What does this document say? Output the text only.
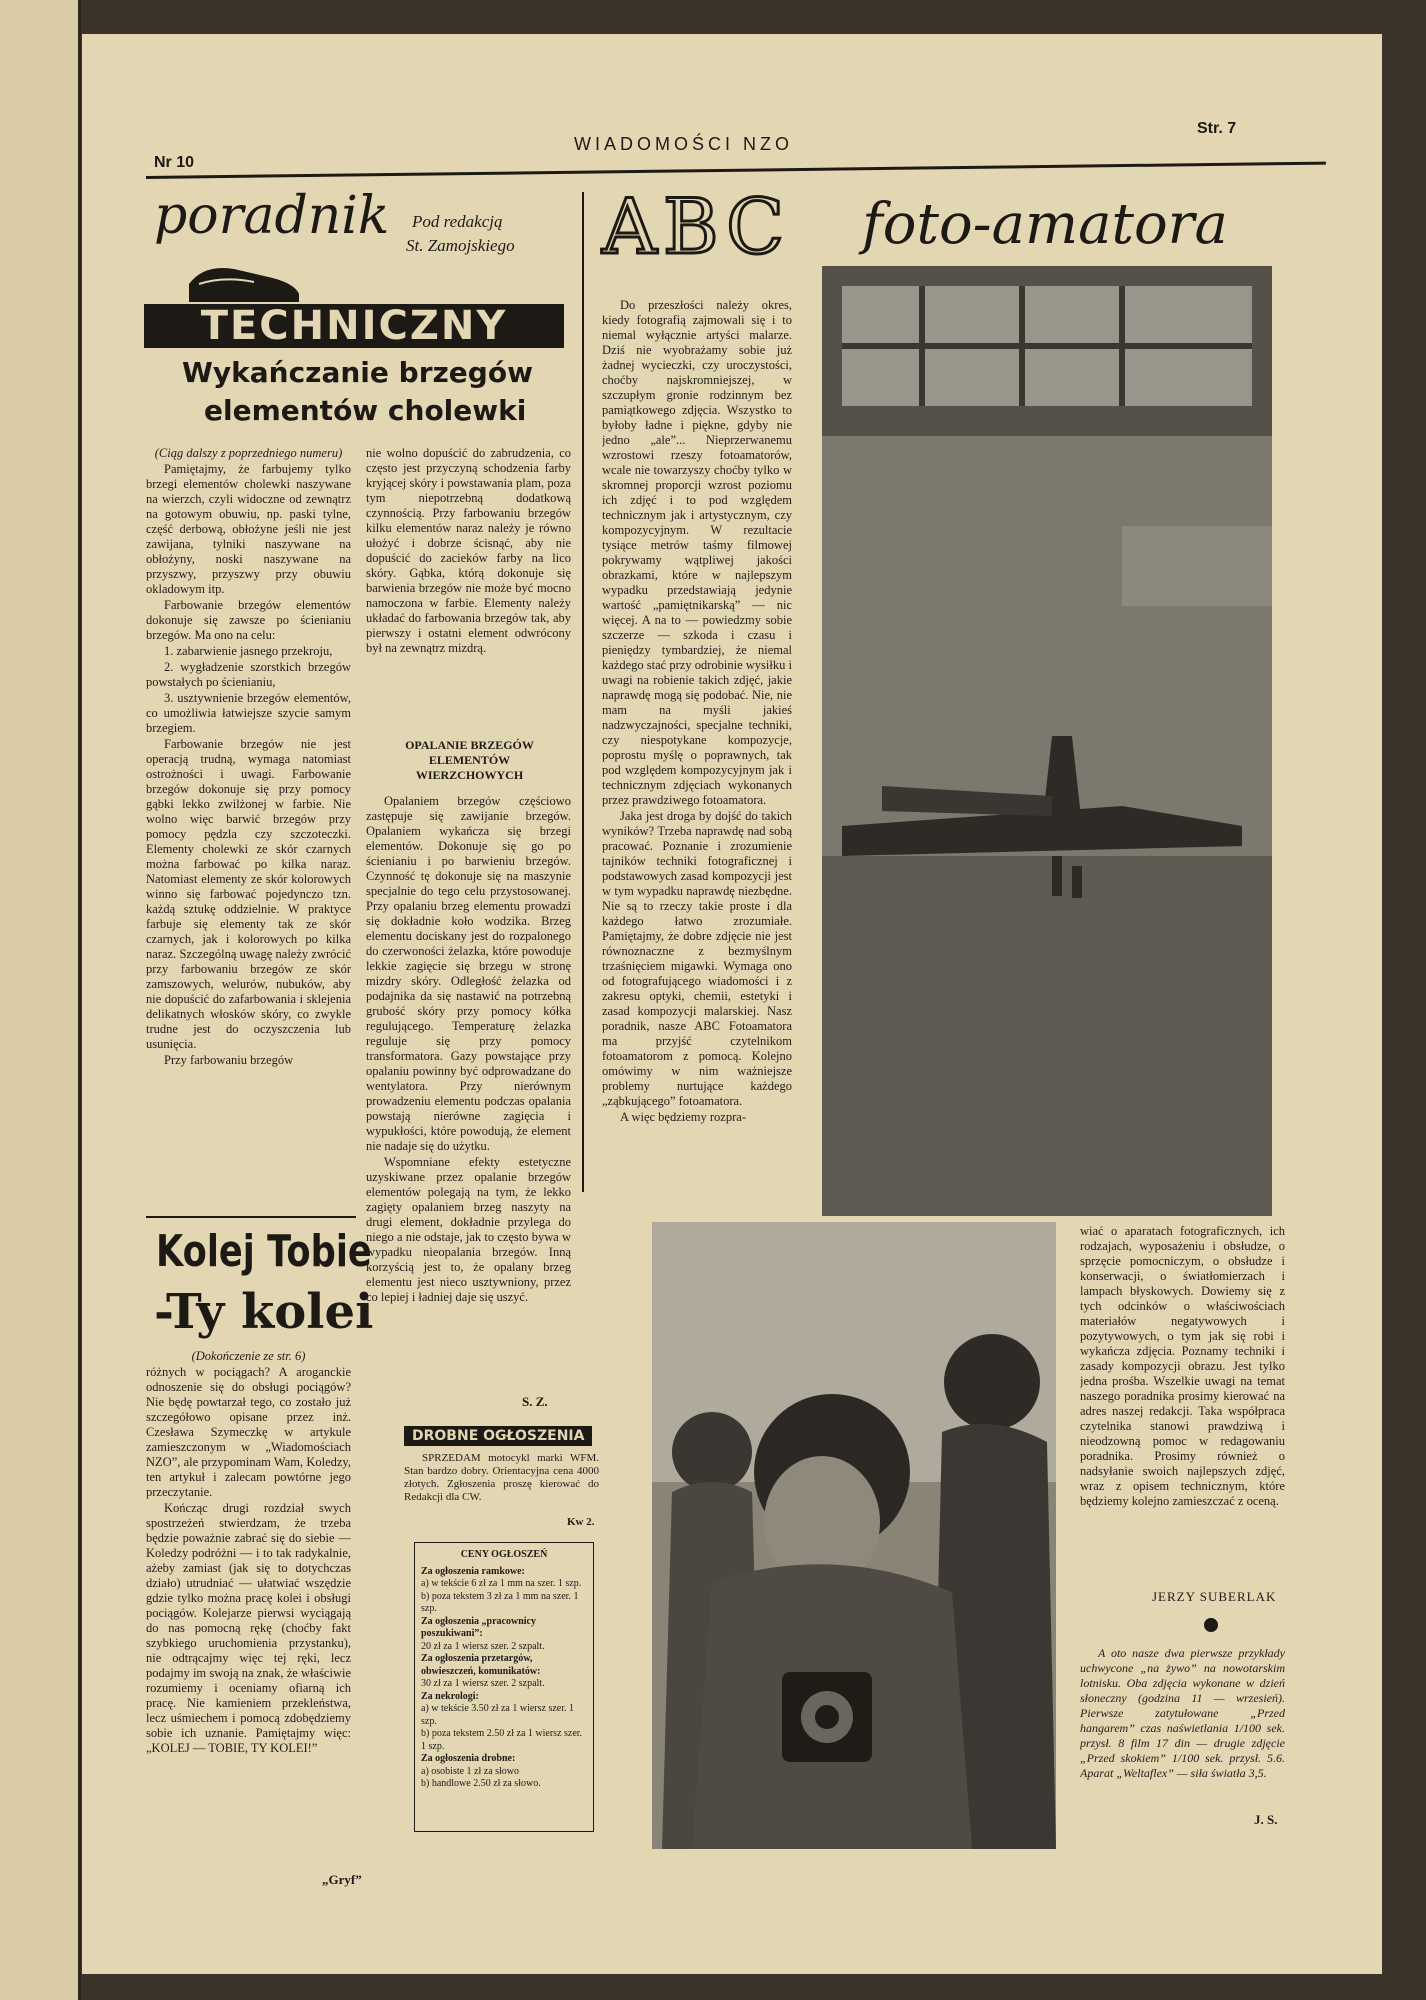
WIADOMOŚCI NZO
Nr 10
Str. 7
poradnik
TECHNICZNY
Pod redakcją
St. Zamojskiego
Wykańczanie brzegów
elementów cholewki

(Ciąg dalszy z poprzedniego numeru)

Pamiętajmy, że farbujemy tylko brzegi elementów cholewki naszywane na wierzch, czyli widoczne od zewnątrz na gotowym obuwiu, np. paski tylne, część derbową, obłożyne jeśli nie jest zawijana, tylniki naszywane na obłożyny, noski naszywane na przyszwy, przyszwy przy obuwiu okladowym itp.

Farbowanie brzegów elementów dokonuje się zawsze po ścienianiu brzegów. Ma ono na celu:

1. zabarwienie jasnego przekroju,

2. wygładzenie szorstkich brzegów powstałych po ścienianiu,

3. usztywnienie brzegów elementów, co umożliwia łatwiejsze szycie samym brzegiem.

Farbowanie brzegów nie jest operacją trudną, wymaga natomiast ostrożności i uwagi. Farbowanie brzegów dokonuje się przy pomocy gąbki lekko zwilżonej w farbie. Nie wolno więc barwić brzegów przy pomocy pędzla czy szczoteczki. Elementy cholewki ze skór czarnych można farbować po kilka naraz. Natomiast elementy ze skór kolorowych winno się farbować pojedynczo tzn. każdą sztukę oddzielnie. W praktyce farbuje się elementy tak ze skór czarnych, jak i kolorowych po kilka naraz. Szczególną uwagę należy zwrócić przy farbowaniu brzegów ze skór zamszowych, welurów, nubuków, aby nie dopuścić do zafarbowania i sklejenia delikatnych włosków skóry, co zwykle trudne jest do oczyszczenia lub usunięcia.

Przy farbowaniu brzegów

nie wolno dopuścić do zabrudzenia, co często jest przyczyną schodzenia farby kryjącej skóry i powstawania plam, poza tym niepotrzebną dodatkową czynnością. Przy farbowaniu brzegów kilku elementów naraz należy je równo ułożyć i dobrze ścisnąć, aby nie dopuścić do zacieków farby na lico skóry. Gąbka, którą dokonuje się barwienia brzegów nie może być mocno namoczona w farbie. Elementy należy układać do farbowania brzegów tak, aby pierwszy i ostatni element odwrócony był na zewnątrz mizdrą.

OPALANIE BRZEGÓW ELEMENTÓW WIERZCHOWYCH

Opalaniem brzegów częściowo zastępuje się zawijanie brzegów. Opalaniem wykańcza się brzegi elementów. Dokonuje się go po ścienianiu i po barwieniu brzegów. Czynność tę dokonuje się na maszynie specjalnie do tego celu przystosowanej. Przy opalaniu brzeg elementu prowadzi się dokładnie koło wodzika. Brzeg elementu dociskany jest do rozpalonego do czerwoności żelazka, które powoduje lekkie zagięcie się brzegu w stronę mizdry skóry. Odległość żelazka od podajnika da się nastawić na potrzebną grubość skóry przy pomocy kółka regulującego. Temperaturę żelazka reguluje się przy pomocy transformatora. Gazy powstające przy opalaniu powinny być odprowadzane do wentylatora. Przy nierównym prowadzeniu elementu podczas opalania powstają nierówne zagięcia i wypukłości, które powodują, że element nie nadaje się do użytku.

Wspomniane efekty estetyczne uzyskiwane przez opalanie brzegów elementów polegają na tym, że lekko zagięty opalaniem brzeg naszyty na drugi element, dokładnie przylega do niego a nie odstaje, jak to często bywa w wypadku nieopalania brzegów. Inną korzyścią jest to, że opalany brzeg elementu jest nieco usztywniony, przez co lepiej i ładniej daje się uszyć.

S. Z.
Kolej Tobie
-Ty kolei

(Dokończenie ze str. 6)

różnych w pociągach? A aroganckie odnoszenie się do obsługi pociągów? Nie będę powtarzał tego, co zostało już szczegółowo opisane przez inż. Czesława Szymeczkę w artykule zamieszczonym w „Wiadomościach NZO”, ale przypominam Wam, Koledzy, ten artykuł i zalecam powtórne jego przeczytanie.

Kończąc drugi rozdział swych spostrzeżeń stwierdzam, że trzeba będzie poważnie zabrać się do siebie — Koledzy podróżni — i to tak radykalnie, ażeby zamiast (jak się to dotychczas działo) utrudniać — ułatwiać wszędzie gdzie tylko można pracę kolei i obsługi pociągów. Kolejarze pierwsi wyciągają do nas pomocną rękę (choćby fakt szybkiego uruchomienia przystanku), nie odtrącajmy więc tej ręki, lecz podajmy im swoją na znak, że właściwie rozumiemy i oceniamy ofiarną ich pracę. Nie kamieniem przekleństwa, lecz uśmiechem i pomocą zdobędziemy sobie ich uznanie. Pamiętajmy więc: „KOLEJ — TOBIE, TY KOLEI!”

„Gryf”
DROBNE OGŁOSZENIA

SPRZEDAM motocykl marki WFM. Stan bardzo dobry. Orientacyjna cena 4000 złotych. Zgłoszenia proszę kierować do Redakcji dla CW.

Kw 2.
CENY OGŁOSZEŃ
Za ogłoszenia ramkowe:
a) w tekście 6 zł za 1 mm na szer. 1 szp.
b) poza tekstem 3 zł za 1 mm na szer. 1 szp.
Za ogłoszenia „pracownicy poszukiwani”:
20 zł za 1 wiersz szer. 2 szpalt.
Za ogłoszenia przetargów, obwieszczeń, komunikatów:
30 zł za 1 wiersz szer. 2 szpalt.
Za nekrologi:
a) w tekście 3.50 zł za 1 wiersz szer. 1 szp.
b) poza tekstem 2.50 zł za 1 wiersz szer. 1 szp.
Za ogłoszenia drobne:
a) osobiste 1 zł za słowo
b) handlowe 2.50 zł za słowo.
ABC foto-amatora

Do przeszłości należy okres, kiedy fotografią zajmowali się i to niemal wyłącznie artyści malarze. Dziś nie wyobrażamy sobie już żadnej wycieczki, czy uroczystości, choćby najskromniejszej, w szczupłym gronie rodzinnym bez pamiątkowego zdjęcia. Wszystko to byłoby ładne i piękne, gdyby nie jedno „ale”... Nieprzerwanemu wzrostowi rzeszy fotoamatorów, wcale nie towarzyszy choćby tylko w skromnej proporcji wzrost poziomu ich zdjęć i to pod względem technicznym jak i artystycznym, czy kompozycyjnym. W rezultacie tysiące metrów taśmy filmowej pokrywamy wątpliwej jakości obrazkami, które w najlepszym wypadku przedstawiają jedynie wartość „pamiętnikarską” — nic więcej. A na to — powiedzmy sobie szczerze — szkoda i czasu i pieniędzy tymbardziej, że niemal każdego stać przy odrobinie wysiłku i uwagi na robienie takich zdjęć, jakie naprawdę mogą się podobać. Nie, nie mam na myśli jakieś nadzwyczajności, specjalne techniki, czy niespotykane kompozycje, poprostu myślę o poprawnych, tak pod względem kompozycyjnym jak i technicznym zdjęciach wykonanych przez prawdziwego fotoamatora.

Jaka jest droga by dojść do takich wyników? Trzeba naprawdę nad sobą pracować. Poznanie i zrozumienie tajników techniki fotograficznej i podstawowych zasad kompozycji jest w tym wypadku naprawdę niezbędne. Nie są to rzeczy takie proste i dla każdego łatwo zrozumiałe. Pamiętajmy, że dobre zdjęcie nie jest równoznaczne z bezmyślnym trzaśnięciem migawki. Wymaga ono od fotografującego wiadomości i z zakresu optyki, chemii, estetyki i zasad kompozycji malarskiej. Nasz poradnik, nasze ABC Fotoamatora ma przyjść czytelnikom fotoamatorom z pomocą. Kolejno omówimy w nim ważniejsze problemy nurtujące każdego „ząbkującego” fotoamatora.

A więc będziemy rozpra-

wiać o aparatach fotograficznych, ich rodzajach, wyposażeniu i obsłudze, o sprzęcie pomocniczym, o obsłudze i konserwacji, o światłomierzach i lampach błyskowych. Dowiemy się z tych odcinków o właściwościach materiałów negatywowych i pozytywowych, o tym jak się robi i wykańcza zdjęcia. Poznamy techniki i zasady kompozycji obrazu. Jest tylko jedna prośba. Wszelkie uwagi na temat naszego poradnika prosimy kierować na adres naszej redakcji. Taka współpraca czytelnika stanowi prawdziwą i nieodzowną pomoc w redagowaniu poradnika. Prosimy również o nadsyłanie swoich najlepszych zdjęć, wraz z opisem technicznym, które będziemy kolejno zamieszczać z oceną.

JERZY SUBERLAK

A oto nasze dwa pierwsze przykłady uchwycone „na żywo” na nowotarskim lotnisku. Oba zdjęcia wykonane w dzień słoneczny (godzina 11 — wrzesień). Pierwsze zatytułowane „Przed hangarem” czas naświetlania 1/100 sek. przysł. 8 film 17 din — drugie zdjęcie „Przed skokiem” 1/100 sek. przysł. 5.6. Aparat „Weltaflex” — siła światła 3,5.

J. S.
